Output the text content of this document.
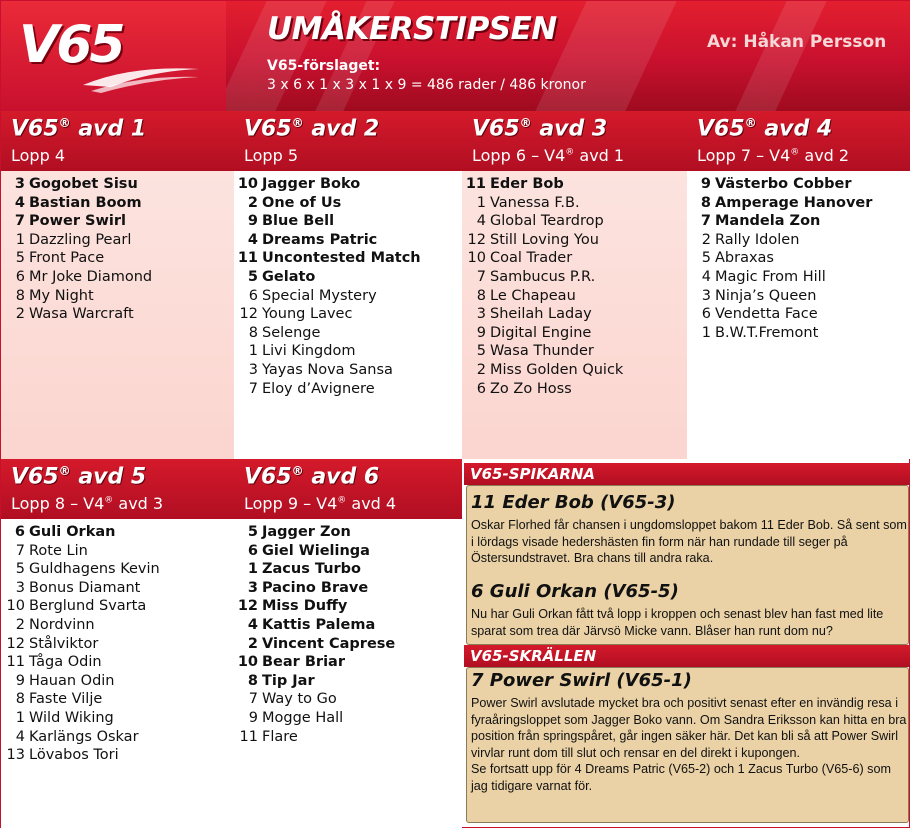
V65	UMÅKERSTIPSEN	Av: Håkan Persson
V65-förslaget:
3 x 6 x 1 x 3 x 1 x 9 = 486 rader / 486 kronor
V65® avd 1
Lopp 4
3 Gogobet Sisu
4 Bastian Boom
7 Power Swirl
1 Dazzling Pearl
5 Front Pace
6 Mr Joke Diamond
8 My Night
2 Wasa Warcraft
V65® avd 2
Lopp 5
10 Jagger Boko
2 One of Us
9 Blue Bell
4 Dreams Patric
11 Uncontested Match
5 Gelato
6 Special Mystery
12 Young Lavec
8 Selenge
1 Livi Kingdom
3 Yayas Nova Sansa
7 Eloy d’Avignere
V65® avd 3
Lopp 6 – V4® avd 1
11 Eder Bob
1 Vanessa F.B.
4 Global Teardrop
12 Still Loving You
10 Coal Trader
7 Sambucus P.R.
8 Le Chapeau
3 Sheilah Laday
9 Digital Engine
5 Wasa Thunder
2 Miss Golden Quick
6 Zo Zo Hoss
V65® avd 4
Lopp 7 – V4® avd 2
9 Västerbo Cobber
8 Amperage Hanover
7 Mandela Zon
2 Rally Idolen
5 Abraxas
4 Magic From Hill
3 Ninja’s Queen
6 Vendetta Face
1 B.W.T.Fremont
V65® avd 5
Lopp 8 – V4® avd 3
6 Guli Orkan
7 Rote Lin
5 Guldhagens Kevin
3 Bonus Diamant
10 Berglund Svarta
2 Nordvinn
12 Stålviktor
11 Tåga Odin
9 Hauan Odin
8 Faste Vilje
1 Wild Wiking
4 Karlängs Oskar
13 Lövabos Tori
V65® avd 6
Lopp 9 – V4® avd 4
5 Jagger Zon
6 Giel Wielinga
1 Zacus Turbo
3 Pacino Brave
12 Miss Duffy
4 Kattis Palema
2 Vincent Caprese
10 Bear Briar
8 Tip Jar
7 Way to Go
9 Mogge Hall
11 Flare
V65-SPIKARNA
11 Eder Bob (V65-3)
Oskar Florhed får chansen i ungdomsloppet bakom 11 Eder Bob. Så sent som i lördags visade hedershästen fin form när han rundade till seger på Östersundstravet. Bra chans till andra raka.
6 Guli Orkan (V65-5)
Nu har Guli Orkan fått två lopp i kroppen och senast blev han fast med lite sparat som trea där Järvsö Micke vann. Blåser han runt dom nu?
V65-SKRÄLLEN
7 Power Swirl (V65-1)
Power Swirl avslutade mycket bra och positivt senast efter en invändig resa i fyraåringsloppet som Jagger Boko vann. Om Sandra Eriksson kan hitta en bra position från springspåret, går ingen säker här. Det kan bli så att Power Swirl virvlar runt dom till slut och rensar en del direkt i kupongen.
Se fortsatt upp för 4 Dreams Patric (V65-2) och 1 Zacus Turbo (V65-6) som jag tidigare varnat för.
